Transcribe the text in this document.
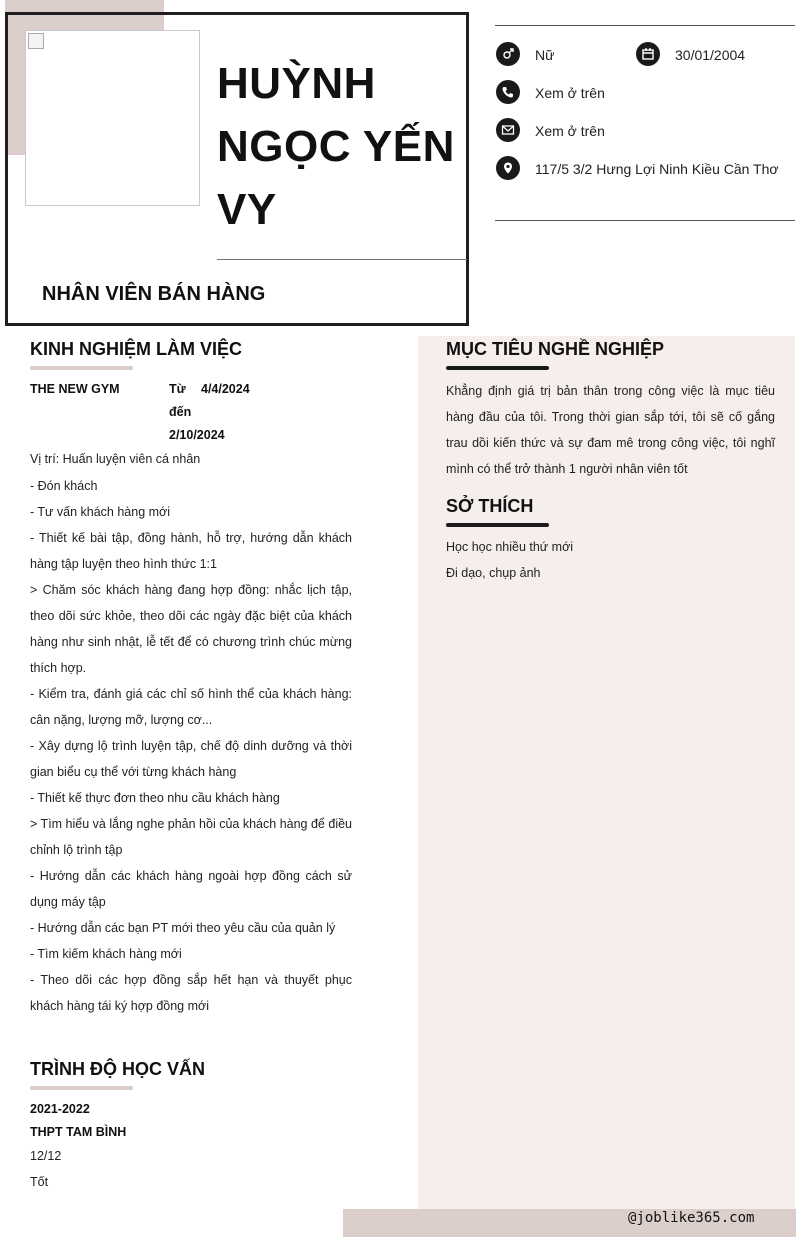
HUỲNH NGỌC YẾN VY
NHÂN VIÊN BÁN HÀNG
Nữ	30/01/2004
Xem ở trên
Xem ở trên
117/5 3/2 Hưng Lợi Ninh Kiều Cần Thơ
KINH NGHIỆM LÀM VIỆC
THE NEW GYM	Từ 4/4/2024
đến
2/10/2024
Vị trí: Huấn luyện viên cá nhân
- Đón khách
- Tư vấn khách hàng mới
- Thiết kế bài tập, đồng hành, hỗ trợ, hướng dẫn khách hàng tập luyện theo hình thức 1:1
> Chăm sóc khách hàng đang hợp đồng: nhắc lịch tập, theo dõi sức khỏe, theo dõi các ngày đặc biệt của khách hàng như sinh nhật, lễ tết để có chương trình chúc mừng thích hợp.
- Kiểm tra, đánh giá các chỉ số hình thể của khách hàng: cân nặng, lượng mỡ, lượng cơ...
- Xây dựng lộ trình luyện tập, chế độ dinh dưỡng và thời gian biểu cụ thể với từng khách hàng
- Thiết kế thực đơn theo nhu cầu khách hàng
> Tìm hiểu và lắng nghe phản hồi của khách hàng để điều chỉnh lộ trình tập
- Hướng dẫn các khách hàng ngoài hợp đồng cách sử dụng máy tập
- Hướng dẫn các bạn PT mới theo yêu cầu của quản lý
- Tìm kiếm khách hàng mới
- Theo dõi các hợp đồng sắp hết hạn và thuyết phục khách hàng tái ký hợp đồng mới
TRÌNH ĐỘ HỌC VẤN
2021-2022
THPT TAM BÌNH
12/12
Tốt
MỤC TIÊU NGHỀ NGHIỆP
Khẳng định giá trị bản thân trong công việc là mục tiêu hàng đầu của tôi. Trong thời gian sắp tới, tôi sẽ cố gắng trau dồi kiến thức và sự đam mê trong công việc, tôi nghĩ mình có thể trở thành 1 người nhân viên tốt
SỞ THÍCH
Học học nhiều thứ mới
Đi dạo, chụp ảnh
@joblike365.com
